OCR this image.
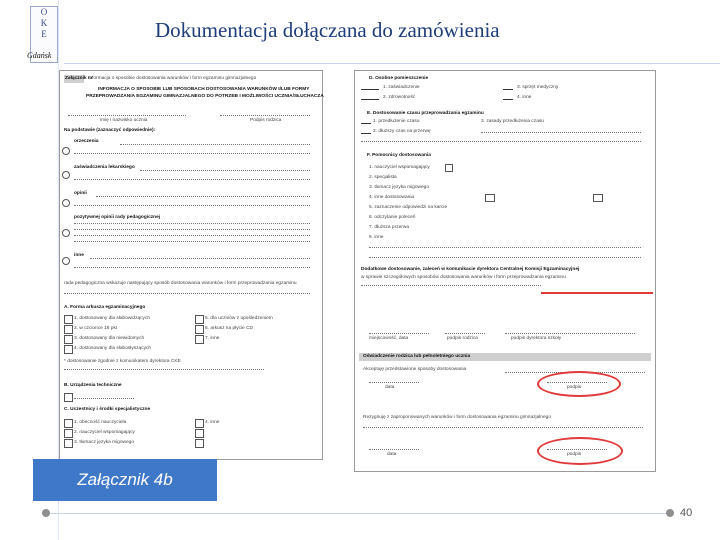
O
K
E
Gdańsk
Dokumentacja dołączana do zamówienia
Załącznik nr
Informacja o sposobie dostosowania warunków i form egzaminu gimnazjalnego
INFORMACJA O SPOSOBIE LUB SPOSOBACH DOSTOSOWANIA WARUNKÓW I/LUB FORMY
PRZEPROWADZANIA EGZAMINU GIMNAZJALNEGO DO POTRZEB I MOŻLIWOŚCI UCZNIA/SŁUCHACZA
imię i nazwisko ucznia	Podpis rodzica
Na podstawie (zaznaczyć odpowiednie):
orzeczenia
zaświadczenia lekarskiego
opinii
pozytywnej opinii rady pedagogicznej
inne
rada pedagogiczna wskazuje następujący sposób dostosowania warunków i form przeprowadzania egzaminu
A. Forma arkusza egzaminacyjnego
1. dostosowany dla słabowidzących
2. w czcionce 16 pkt
3. dostosowany dla niewidomych
4. dostosowany dla słabosłyszących
5. dla uczniów z upośledzeniem
6. arkusz na płycie CD
7. inne
* dostosowanie zgodnie z komunikatem dyrektora CKE
B. Urządzenia techniczne
C. Uczestnicy i środki specjalistyczne
1. obecność nauczyciela
2. nauczyciel wspomagający
3. tłumacz języka migowego
4. inne
D. Osobne pomieszczenie
1. zaświadczenie
2. zdrowotność
3. sprzęt medyczny
4. inne
E. Dostosowanie czasu przeprowadzania egzaminu
1. przedłużenie czasu
2. dłuższy czas na przerwę
3. zasady przedłużenia czasu
F. Pomocnicy dostosowania
1. nauczyciel wspomagający
2. specjalista
3. tłumacz języka migowego
4. inne dostosowania
5. zaznaczenie odpowiedzi na karcie
6. odczytanie poleceń
7. dłuższa przerwa
8. inne
Dodatkowe dostosowanie, zaleceń w komunikacie dyrektora Centralnej Komisji Egzaminacyjnej
w sprawie szczegółowych sposobów dostosowania warunków i form przeprowadzania egzaminu
miejscowość, data	podpis rodzica	podpis dyrektora szkoły
Oświadczenie rodzica lub pełnoletniego ucznia
Akceptuję przedstawione sposoby dostosowania
data	podpis
Rezygnuję z zaproponowanych warunków i form dostosowania egzaminu gimnazjalnego
data	podpis
Załącznik 4b
40
